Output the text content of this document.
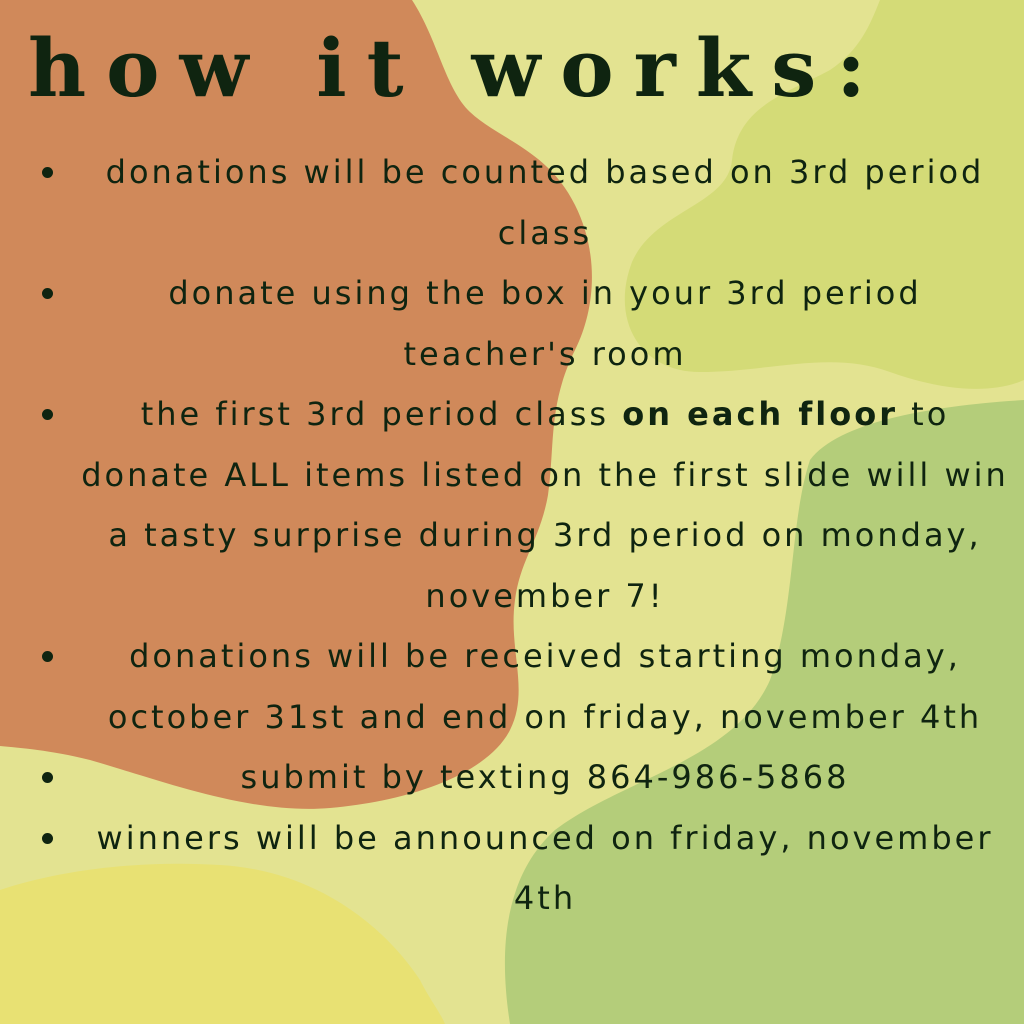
how it works:
donations will be counted based on 3rd period class
donate using the box in your 3rd period teacher's room
the first 3rd period class on each floor to donate ALL items listed on the first slide will win a tasty surprise during 3rd period on monday, november 7!
donations will be received starting monday, october 31st and end on friday, november 4th
submit by texting 864-986-5868
winners will be announced on friday, november 4th
